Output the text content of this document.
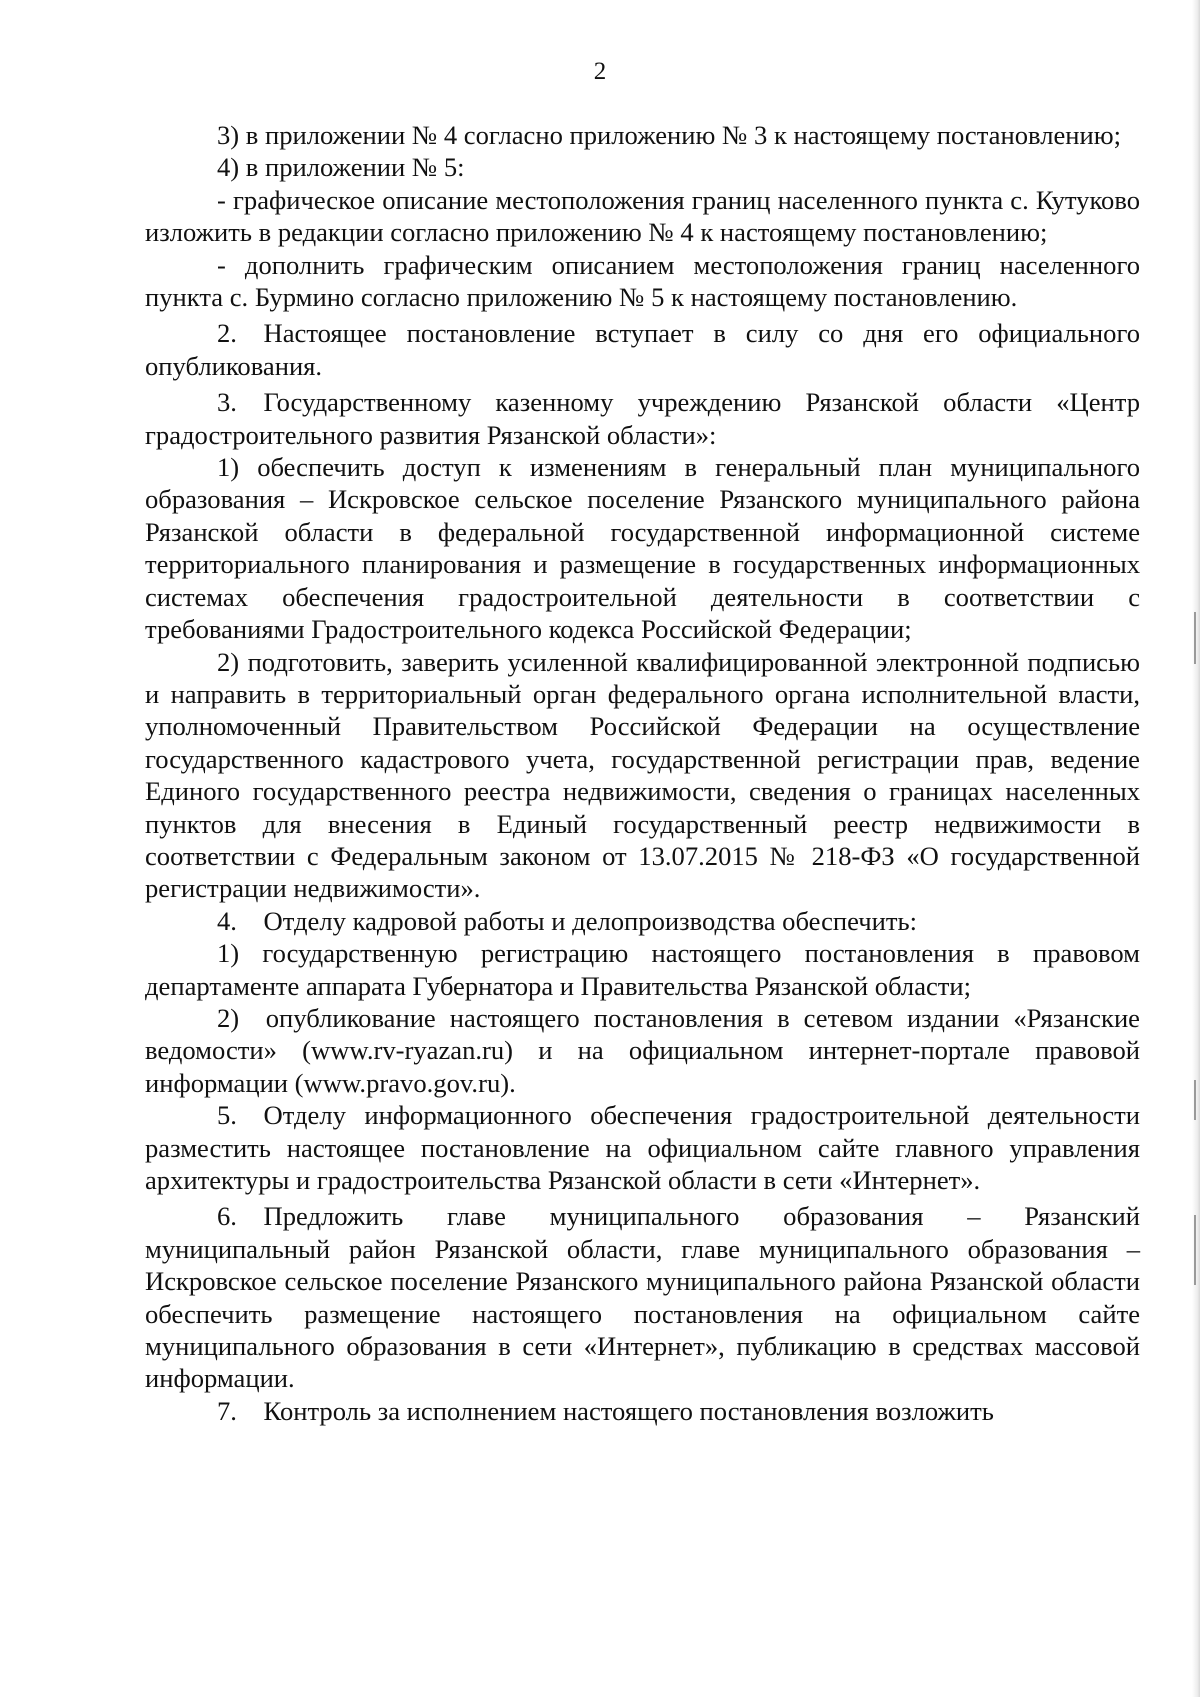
2

3) в приложении № 4 согласно приложению № 3 к настоящему постановлению;

4) в приложении № 5:

- графическое описание местоположения границ населенного пункта с. Кутуково изложить в редакции согласно приложению № 4 к настоящему постановлению;

- дополнить графическим описанием местоположения границ населенного пункта с. Бурмино согласно приложению № 5 к настоящему постановлению.

2. Настоящее постановление вступает в силу со дня его официального опубликования.

3. Государственному казенному учреждению Рязанской области «Центр градостроительного развития Рязанской области»:

1) обеспечить доступ к изменениям в генеральный план муниципального образования – Искровское сельское поселение Рязанского муниципального района Рязанской области в федеральной государственной информационной системе территориального планирования и размещение в государственных информационных системах обеспечения градостроительной деятельности в соответствии с требованиями Градостроительного кодекса Российской Федерации;

2) подготовить, заверить усиленной квалифицированной электронной подписью и направить в территориальный орган федерального органа исполнительной власти, уполномоченный Правительством Российской Федерации на осуществление государственного кадастрового учета, государственной регистрации прав, ведение Единого государственного реестра недвижимости, сведения о границах населенных пунктов для внесения в Единый государственный реестр недвижимости в соответствии с Федеральным законом от 13.07.2015 № 218-ФЗ «О государственной регистрации недвижимости».

4. Отделу кадровой работы и делопроизводства обеспечить:

1) государственную регистрацию настоящего постановления в правовом департаменте аппарата Губернатора и Правительства Рязанской области;

2) опубликование настоящего постановления в сетевом издании «Рязанские ведомости» (www.rv-ryazan.ru) и на официальном интернет-портале правовой информации (www.pravo.gov.ru).

5. Отделу информационного обеспечения градостроительной деятельности разместить настоящее постановление на официальном сайте главного управления архитектуры и градостроительства Рязанской области в сети «Интернет».

6. Предложить главе муниципального образования – Рязанский муниципальный район Рязанской области, главе муниципального образования – Искровское сельское поселение Рязанского муниципального района Рязанской области обеспечить размещение настоящего постановления на официальном сайте муниципального образования в сети «Интернет», публикацию в средствах массовой информации.

7. Контроль за исполнением настоящего постановления возложить
